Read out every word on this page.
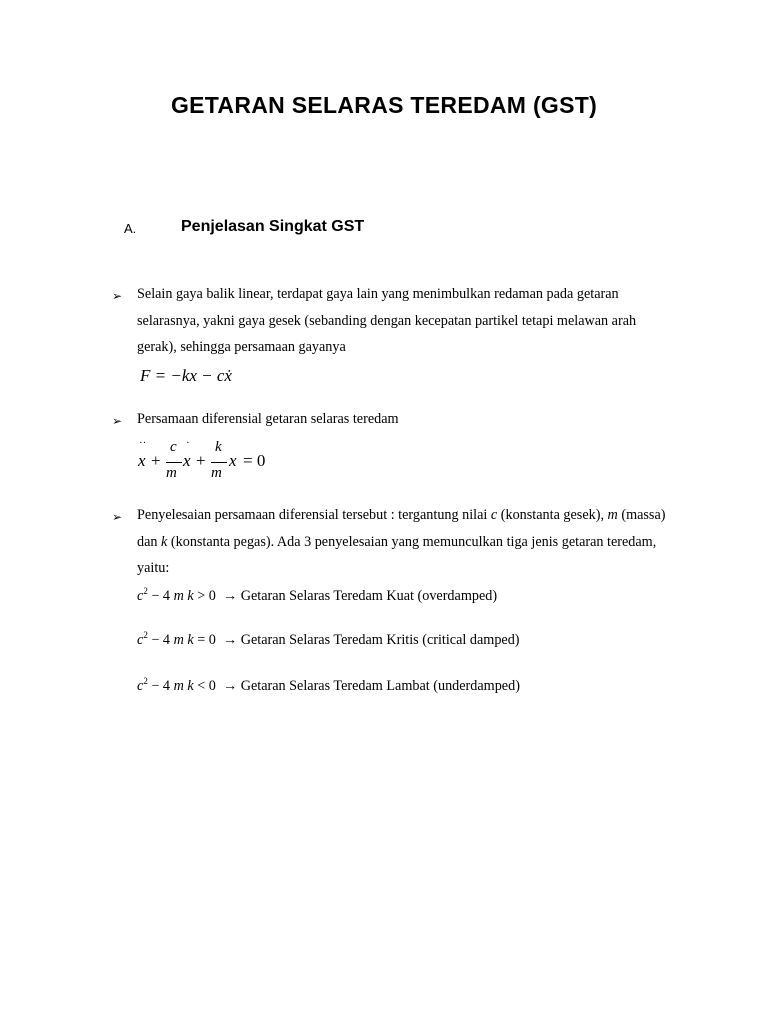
GETARAN SELARAS TEREDAM (GST)
A.	Penjelasan Singkat GST
➢ Selain gaya balik linear, terdapat gaya lain yang menimbulkan redaman pada getaran selarasnya, yakni gaya gesek (sebanding dengan kecepatan partikel tetapi melawan arah gerak), sehingga persamaan gayanya
F = −kx − cẋ
➢ Persamaan diferensial getaran selaras teredam
··
x +
c
m
·
x +
k
m
x = 0
➢ Penyelesaian persamaan diferensial tersebut : tergantung nilai c (konstanta gesek), m (massa) dan k (konstanta pegas). Ada 3 penyelesaian yang memunculkan tiga jenis getaran teredam, yaitu:
$c^2 - 4$ m k > 0 → Getaran Selaras Teredam Kuat (overdamped)
$c^2 - 4$ m k = 0 → Getaran Selaras Teredam Kritis (critical damped)
$c^2 - 4$ m k < 0 → Getaran Selaras Teredam Lambat (underdamped)
